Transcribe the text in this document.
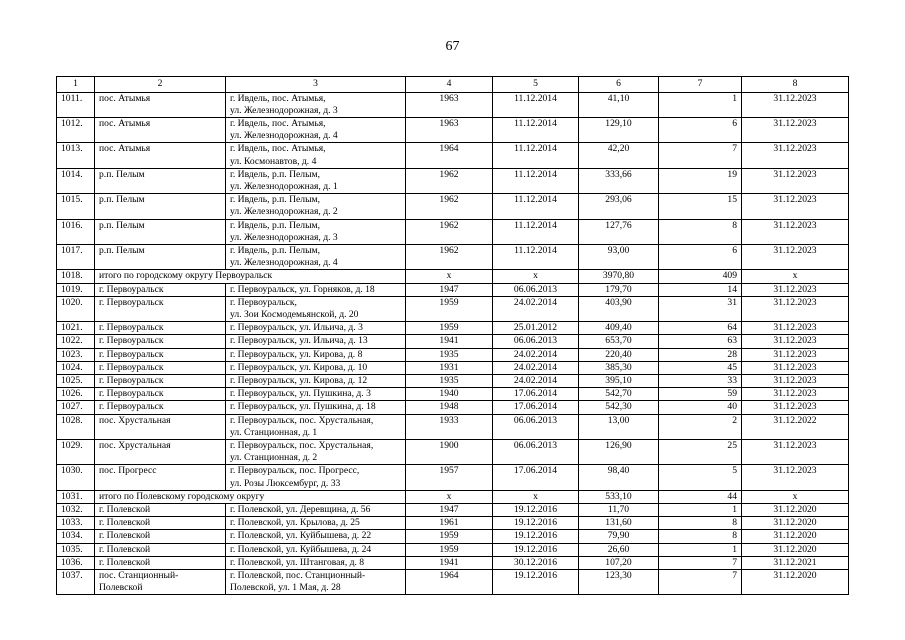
67
1	2	3	4	5	6	7	8
1011.	пос. Атымья	г. Ивдель, пос. Атымья,
ул. Железнодорожная, д. 3	1963	11.12.2014	41,10	1	31.12.2023
1012.	пос. Атымья	г. Ивдель, пос. Атымья,
ул. Железнодорожная, д. 4	1963	11.12.2014	129,10	6	31.12.2023
1013.	пос. Атымья	г. Ивдель, пос. Атымья,
ул. Космонавтов, д. 4	1964	11.12.2014	42,20	7	31.12.2023
1014.	р.п. Пелым	г. Ивдель, р.п. Пелым,
ул. Железнодорожная, д. 1	1962	11.12.2014	333,66	19	31.12.2023
1015.	р.п. Пелым	г. Ивдель, р.п. Пелым,
ул. Железнодорожная, д. 2	1962	11.12.2014	293,06	15	31.12.2023
1016.	р.п. Пелым	г. Ивдель, р.п. Пелым,
ул. Железнодорожная, д. 3	1962	11.12.2014	127,76	8	31.12.2023
1017.	р.п. Пелым	г. Ивдель, р.п. Пелым,
ул. Железнодорожная, д. 4	1962	11.12.2014	93,00	6	31.12.2023
1018.	итого по городскому округу Первоуральск		х	х	3970,80	409	х
1019.	г. Первоуральск	г. Первоуральск, ул. Горняков, д. 18	1947	06.06.2013	179,70	14	31.12.2023
1020.	г. Первоуральск	г. Первоуральск,
ул. Зои Космодемьянской, д. 20	1959	24.02.2014	403,90	31	31.12.2023
1021.	г. Первоуральск	г. Первоуральск, ул. Ильича, д. 3	1959	25.01.2012	409,40	64	31.12.2023
1022.	г. Первоуральск	г. Первоуральск, ул. Ильича, д. 13	1941	06.06.2013	653,70	63	31.12.2023
1023.	г. Первоуральск	г. Первоуральск, ул. Кирова, д. 8	1935	24.02.2014	220,40	28	31.12.2023
1024.	г. Первоуральск	г. Первоуральск, ул. Кирова, д. 10	1931	24.02.2014	385,30	45	31.12.2023
1025.	г. Первоуральск	г. Первоуральск, ул. Кирова, д. 12	1935	24.02.2014	395,10	33	31.12.2023
1026.	г. Первоуральск	г. Первоуральск, ул. Пушкина, д. 3	1940	17.06.2014	542,70	59	31.12.2023
1027.	г. Первоуральск	г. Первоуральск, ул. Пушкина, д. 18	1948	17.06.2014	542,30	40	31.12.2023
1028.	пос. Хрустальная	г. Первоуральск, пос. Хрустальная,
ул. Станционная, д. 1	1933	06.06.2013	13,00	2	31.12.2022
1029.	пос. Хрустальная	г. Первоуральск, пос. Хрустальная,
ул. Станционная, д. 2	1900	06.06.2013	126,90	25	31.12.2023
1030.	пос. Прогресс	г. Первоуральск, пос. Прогресс,
ул. Розы Люксембург, д. 33	1957	17.06.2014	98,40	5	31.12.2023
1031.	итого по Полевскому городскому округу		х	х	533,10	44	х
1032.	г. Полевской	г. Полевской, ул. Деревщина, д. 56	1947	19.12.2016	11,70	1	31.12.2020
1033.	г. Полевской	г. Полевской, ул. Крылова, д. 25	1961	19.12.2016	131,60	8	31.12.2020
1034.	г. Полевской	г. Полевской, ул. Куйбышева, д. 22	1959	19.12.2016	79,90	8	31.12.2020
1035.	г. Полевской	г. Полевской, ул. Куйбышева, д. 24	1959	19.12.2016	26,60	1	31.12.2020
1036.	г. Полевской	г. Полевской, ул. Штанговая, д. 8	1941	30.12.2016	107,20	7	31.12.2021
1037.	пос. Станционный-
Полевской	г. Полевской, пос. Станционный-
Полевской, ул. 1 Мая, д. 28	1964	19.12.2016	123,30	7	31.12.2020
